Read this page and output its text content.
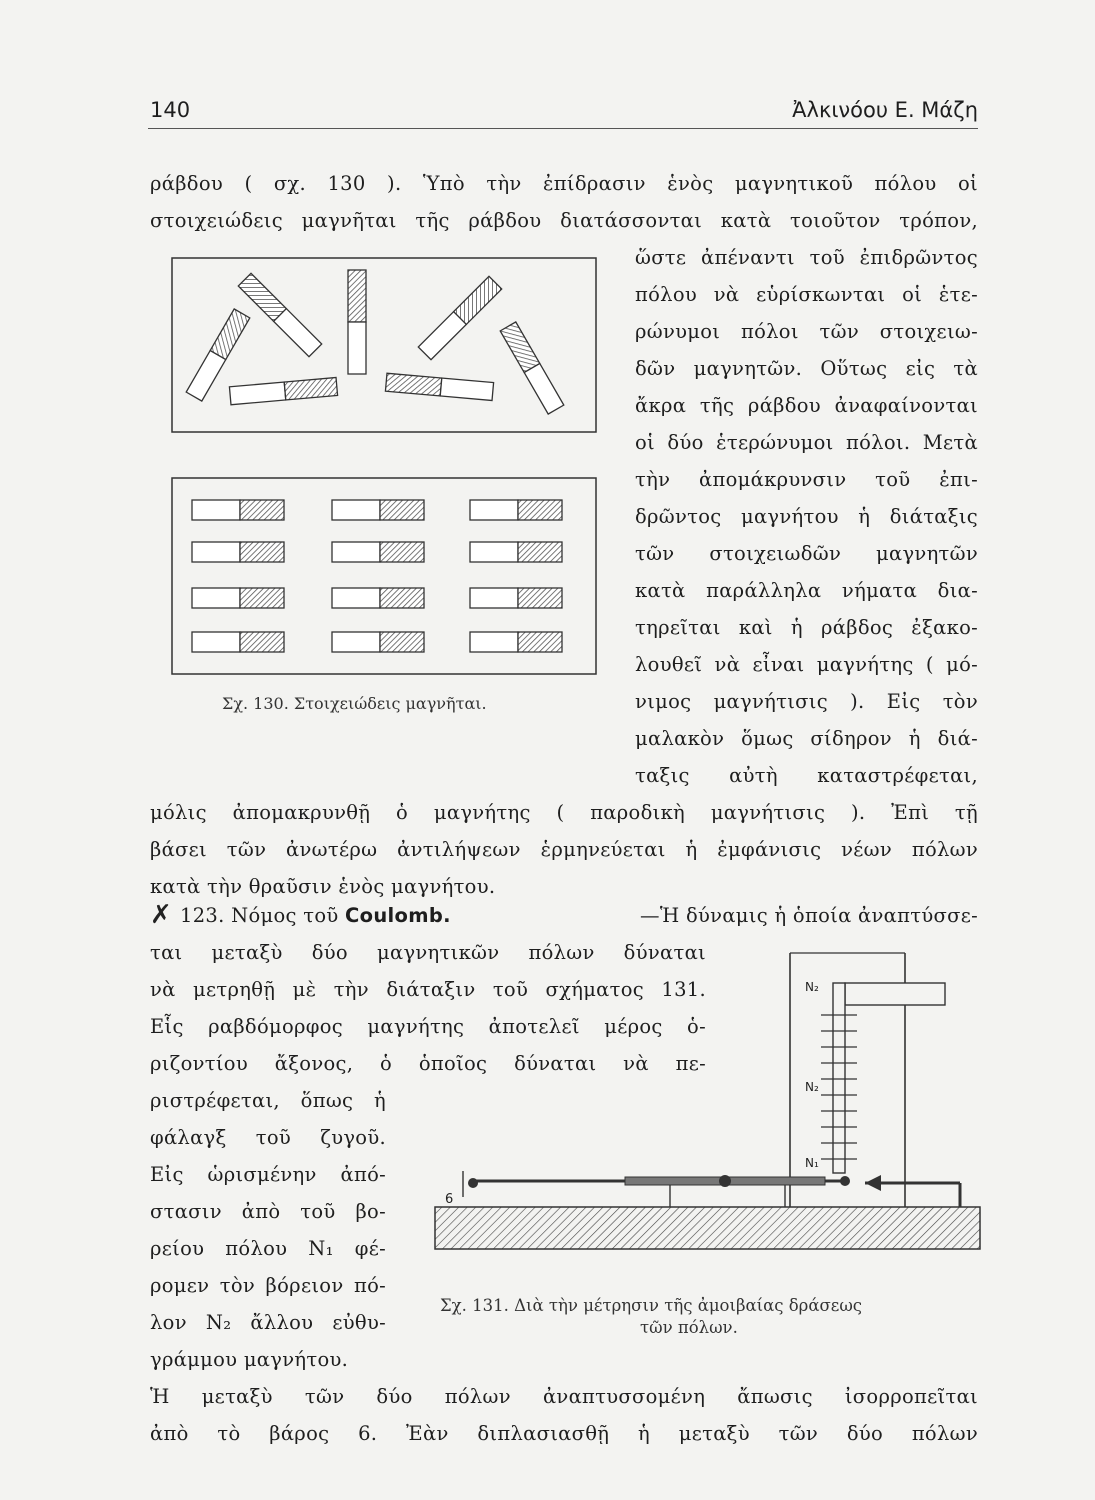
140	Ἀλκινόου Ε. Μάζη
ράβδου ( σχ. 130 ). Ὑπὸ τὴν ἐπίδρασιν ἑνὸς μαγνητικοῦ πόλου οἱ
στοιχειώδεις μαγνῆται τῆς ράβδου διατάσσονται κατὰ τοιοῦτον τρόπον,
ὥστε ἀπέναντι τοῦ ἐπιδρῶντος
πόλου νὰ εὑρίσκωνται οἱ ἑτε-
ρώνυμοι πόλοι τῶν στοιχειω-
δῶν μαγνητῶν. Οὕτως εἰς τὰ
ἄκρα τῆς ράβδου ἀναφαίνονται
οἱ δύο ἑτερώνυμοι πόλοι. Μετὰ
τὴν ἀπομάκρυνσιν τοῦ ἐπι-
δρῶντος μαγνήτου ἡ διάταξις
τῶν στοιχειωδῶν μαγνητῶν
κατὰ παράλληλα νήματα δια-
τηρεῖται καὶ ἡ ράβδος ἐξακο-
λουθεῖ νὰ εἶναι μαγνήτης ( μό-
νιμος μαγνήτισις ). Εἰς τὸν
μαλακὸν ὅμως σίδηρον ἡ διά-
ταξις αὐτὴ καταστρέφεται,
μόλις ἀπομακρυνθῇ ὁ μαγνήτης ( παροδικὴ μαγνήτισις ). Ἐπὶ τῇ
βάσει τῶν ἀνωτέρω ἀντιλήψεων ἑρμηνεύεται ἡ ἐμφάνισις νέων πόλων
κατὰ τὴν θραῦσιν ἑνὸς μαγνήτου.
Σχ. 130. Στοιχειώδεις μαγνῆται.
✗ 123. Νόμος τοῦ Coulomb.	—Ἡ δύναμις ἡ ὁποία ἀναπτύσσε-
ται μεταξὺ δύο μαγνητικῶν πόλων δύναται
νὰ μετρηθῇ μὲ τὴν διάταξιν τοῦ σχήματος 131.
Εἷς ραβδόμορφος μαγνήτης ἀποτελεῖ μέρος ὁ-
ριζοντίου ἄξονος, ὁ ὁποῖος δύναται νὰ πε-
ριστρέφεται, ὅπως ἡ
φάλαγξ τοῦ ζυγοῦ.
Εἰς ὡρισμένην ἀπό-
στασιν ἀπὸ τοῦ βο-
ρείου πόλου N₁ φέ-
ρομεν τὸν βόρειον πό-
λον N₂ ἄλλου εὐθυ-
γράμμου μαγνήτου.
N₂
N₂
N₁
6
Σχ. 131. Διὰ τὴν μέτρησιν τῆς ἀμοιβαίας δράσεως
τῶν πόλων.
Ἡ μεταξὺ τῶν δύο πόλων ἀναπτυσσομένη ἄπωσις ἰσορροπεῖται
ἀπὸ τὸ βάρος 6. Ἐὰν διπλασιασθῇ ἡ μεταξὺ τῶν δύο πόλων
